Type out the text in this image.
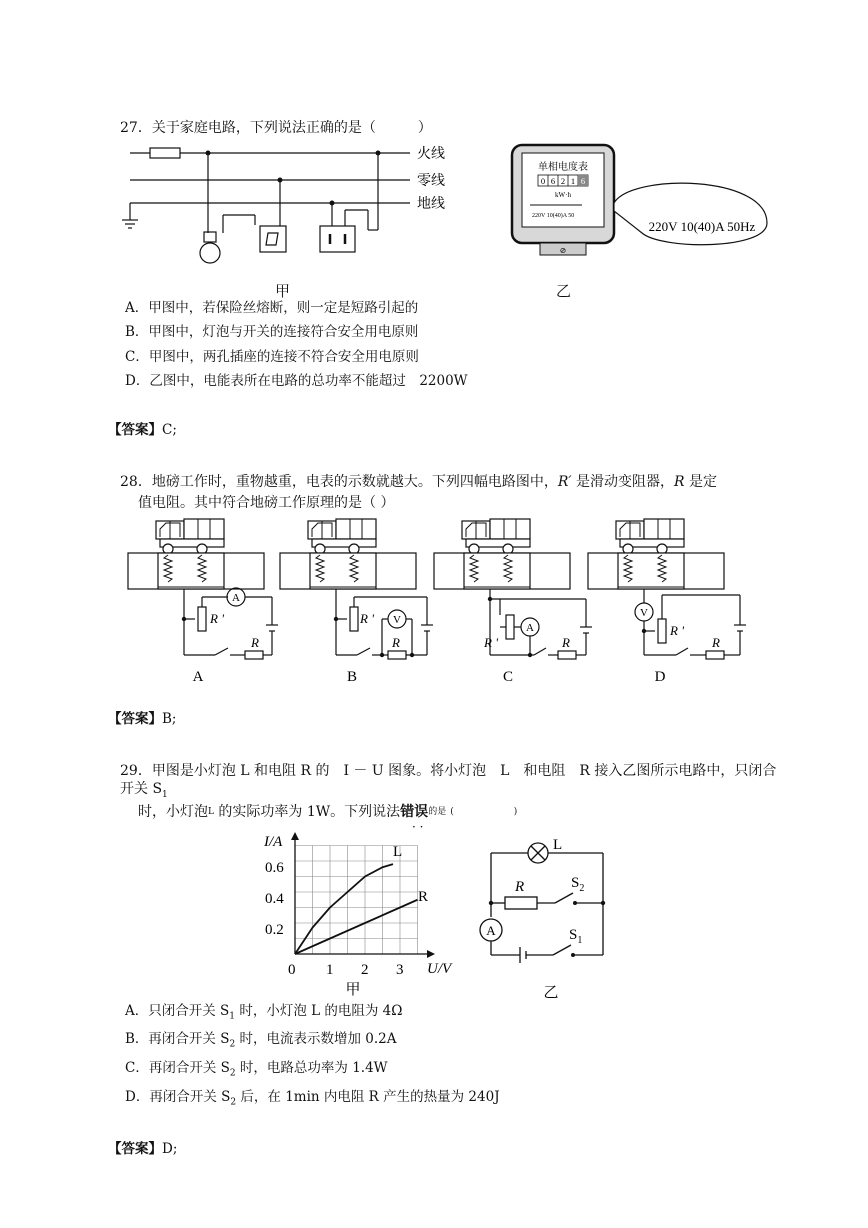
27．关于家庭电路，下列说法正确的是（　　　）
火线
零线
地线
单相电度表
0 6 2 1 6
kW·h
220V 10(40)A 50
⊘
220V 10(40)A 50Hz
甲	乙
A．甲图中，若保险丝熔断，则一定是短路引起的
B．甲图中，灯泡与开关的连接符合安全用电原则
C．甲图中，两孔插座的连接不符合安全用电原则
D．乙图中，电能表所在电路的总功率不能超过　2200W
【答案】C;
28．地磅工作时，重物越重，电表的示数就越大。下列四幅电路图中，R′ 是滑动变阻器，R 是定
值电阻。其中符合地磅工作原理的是（ ）
A
R '
R
A
V
R '
R
B
A
R '	R
C
V
R '
R
D
【答案】B;
29．甲图是小灯泡 L 和电阻 R 的　I － U 图象。将小灯泡　L　和电阻　R 接入乙图所示电路中，只闭合
开关 $S_1$
时，小灯泡$^L$ 的实际功率为 1W。下列说法错误$^{的是}$ (	)
· ·
I/A
U/V
0.6
0.4
0.2
0 1 2 3
L
R
甲
L
R	$S_2$
$S_1$
A
乙
A．只闭合开关 $S_1$ 时，小灯泡 L 的电阻为 4Ω
B．再闭合开关 $S_2$ 时，电流表示数增加 0.2A
C．再闭合开关 $S_2$ 时，电路总功率为 1.4W
D．再闭合开关 $S_2$ 后，在 1min 内电阻 R 产生的热量为 240J
【答案】D;
